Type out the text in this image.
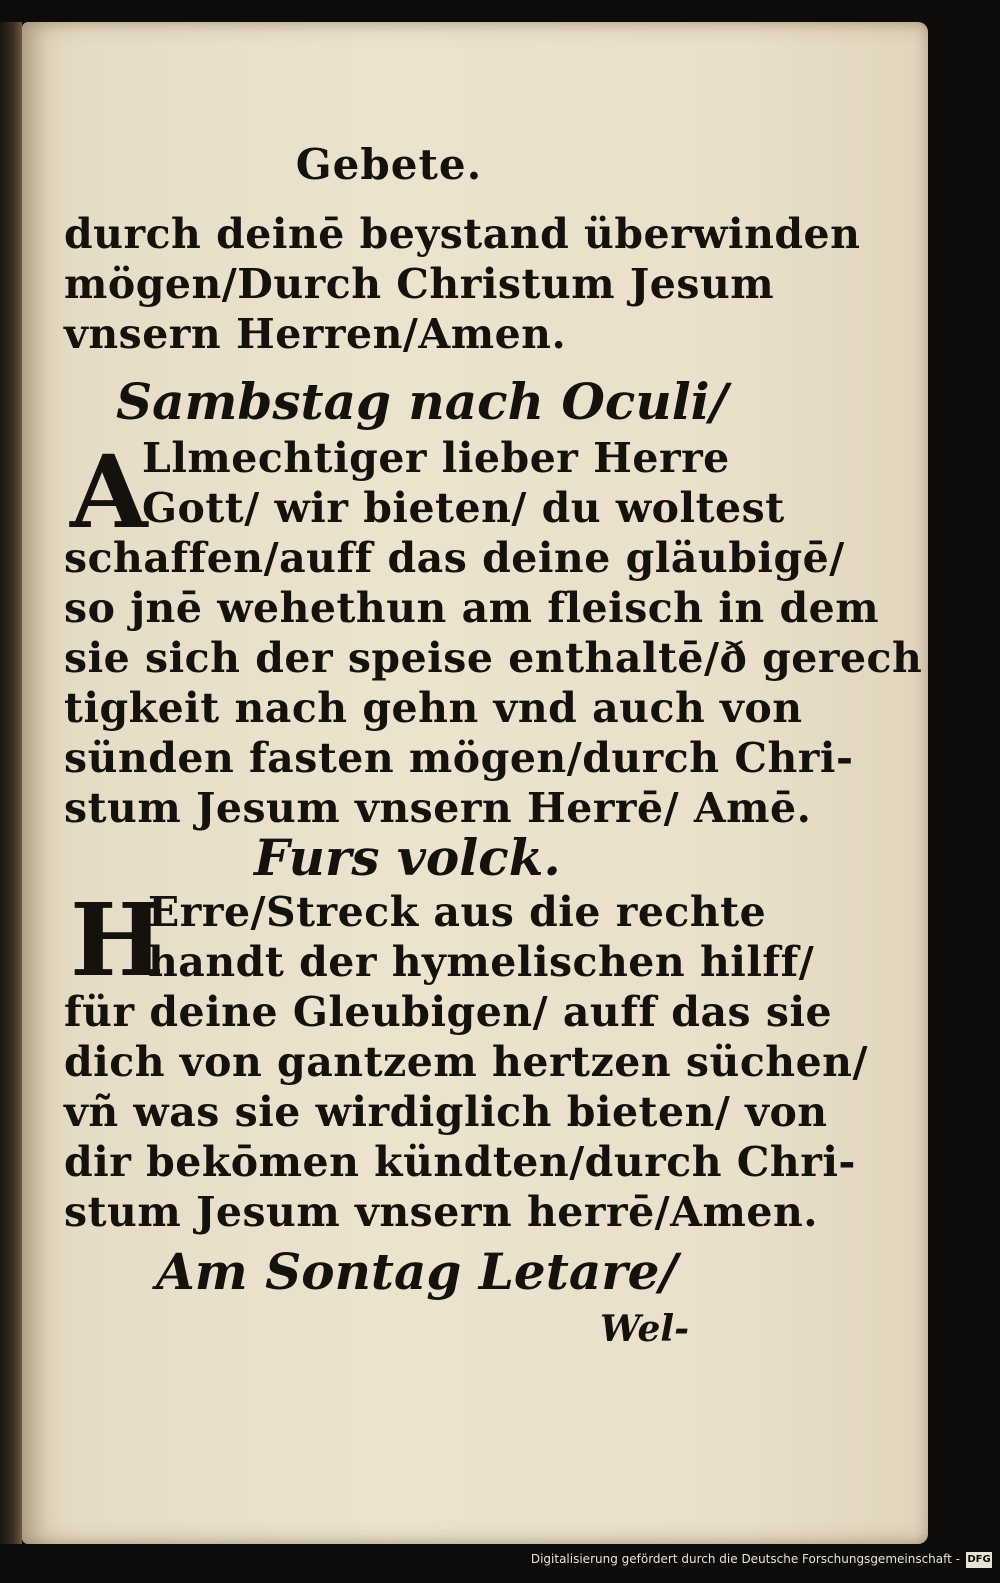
Gebete.
durch deinē beystand überwinden
mögen/Durch Christum Jesum
vnsern Herren/Amen.
Sambstag nach Oculi/
A
Llmechtiger lieber Herre
Gott/ wir bieten/ du woltest
schaffen/auff das deine gläubigē/
so jnē wehethun am fleisch in dem
sie sich der speise enthaltē/ð gerech
tigkeit nach gehn vnd auch von
sünden fasten mögen/durch Chri-
stum Jesum vnsern Herrē/ Amē.
Furs volck.
H
Erre/Streck aus die rechte
handt der hymelischen hilff/
für deine Gleubigen/ auff das sie
dich von gantzem hertzen süchen/
vñ was sie wirdiglich bieten/ von
dir bekōmen kündten/durch Chri-
stum Jesum vnsern herrē/Amen.
Am Sontag Letare/
Wel-
Digitalisierung gefördert durch die Deutsche Forschungsgemeinschaft - DFG
